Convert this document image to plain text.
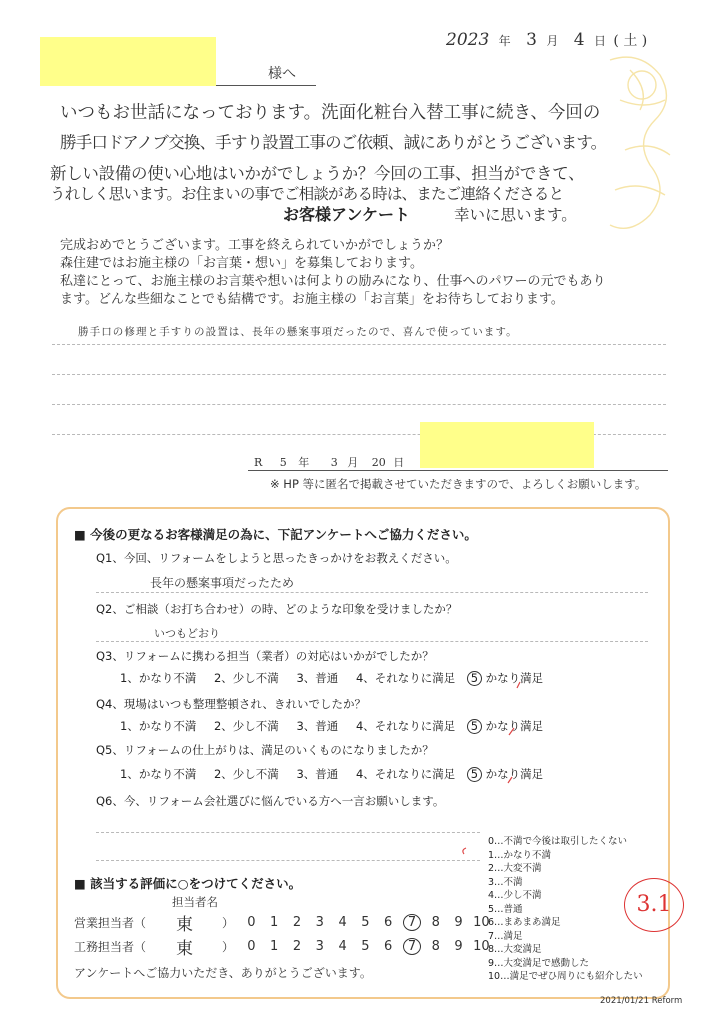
2023 年 3 月 4 日 ( 土 )
様へ
いつもお世話になっております。洗面化粧台入替工事に続き、今回の
勝手口ドアノブ交換、手すり設置工事のご依頼、誠にありがとうございます。
新しい設備の使い心地はいかがでしょうか？今回の工事、担当ができて、
うれしく思います。お住まいの事でご相談がある時は、またご連絡くださると
幸いに思います。
お客様アンケート
完成おめでとうございます。工事を終えられていかがでしょうか？
森住建ではお施主様の「お言葉・想い」を募集しております。
私達にとって、お施主様のお言葉や想いは何よりの励みになり、仕事へのパワーの元でもあり
ます。どんな些細なことでも結構です。お施主様の「お言葉」をお待ちしております。
勝手口の修理と手すりの設置は、長年の懸案事項だったので、喜んで使っています。
R 5 年 3 月 20 日
※ HP 等に匿名で掲載させていただきますので、よろしくお願いします。
■ 今後の更なるお客様満足の為に、下記アンケートへご協力ください。
Q1、今回、リフォームをしようと思ったきっかけをお教えください。
長年の懸案事項だったため
Q2、ご相談（お打ち合わせ）の時、どのような印象を受けましたか？
いつもどおり
Q3、リフォームに携わる担当（業者）の対応はいかがでしたか？
1、かなり不満 2、少し不満 3、普通 4、それなりに満足 5 かなり満足
Q4、現場はいつも整理整頓され、きれいでしたか？
1、かなり不満 2、少し不満 3、普通 4、それなりに満足 5 かなり満足
Q5、リフォームの仕上がりは、満足のいくものになりましたか？
1、かなり不満 2、少し不満 3、普通 4、それなりに満足 5 かなり満足
Q6、今、リフォーム会社選びに悩んでいる方へ一言お願いします。
■ 該当する評価に○をつけてください。
担当者名
営業担当者（ 東 ）	0 1 2 3 4 5 6 7 8 9 10
工務担当者（ 東 ）	0 1 2 3 4 5 6 7 8 9 10
アンケートへご協力いただき、ありがとうございます。
0…不満で今後は取引したくない
1…かなり不満
2…大変不満
3…不満
4…少し不満
5…普通
6…まあまあ満足
7…満足
8…大変満足
9…大変満足で感動した
10…満足でぜひ周りにも紹介したい
3.1
2021/01/21 Reform
